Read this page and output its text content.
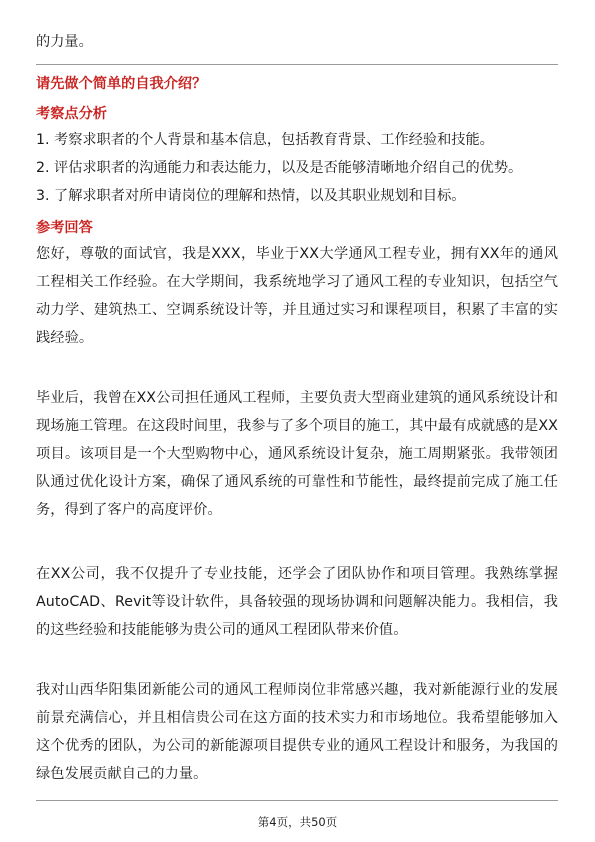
的力量。

请先做个简单的自我介绍？

考察点分析

1. 考察求职者的个人背景和基本信息，包括教育背景、工作经验和技能。

2. 评估求职者的沟通能力和表达能力，以及是否能够清晰地介绍自己的优势。

3. 了解求职者对所申请岗位的理解和热情，以及其职业规划和目标。

参考回答

您好，尊敬的面试官，我是XXX，毕业于XX大学通风工程专业，拥有XX年的通风工程相关工作经验。在大学期间，我系统地学习了通风工程的专业知识，包括空气动力学、建筑热工、空调系统设计等，并且通过实习和课程项目，积累了丰富的实践经验。

毕业后，我曾在XX公司担任通风工程师，主要负责大型商业建筑的通风系统设计和现场施工管理。在这段时间里，我参与了多个项目的施工，其中最有成就感的是XX项目。该项目是一个大型购物中心，通风系统设计复杂，施工周期紧张。我带领团队通过优化设计方案，确保了通风系统的可靠性和节能性，最终提前完成了施工任务，得到了客户的高度评价。

在XX公司，我不仅提升了专业技能，还学会了团队协作和项目管理。我熟练掌握AutoCAD、Revit等设计软件，具备较强的现场协调和问题解决能力。我相信，我的这些经验和技能能够为贵公司的通风工程团队带来价值。

我对山西华阳集团新能公司的通风工程师岗位非常感兴趣，我对新能源行业的发展前景充满信心，并且相信贵公司在这方面的技术实力和市场地位。我希望能够加入这个优秀的团队，为公司的新能源项目提供专业的通风工程设计和服务，为我国的绿色发展贡献自己的力量。

第4页，共50页
